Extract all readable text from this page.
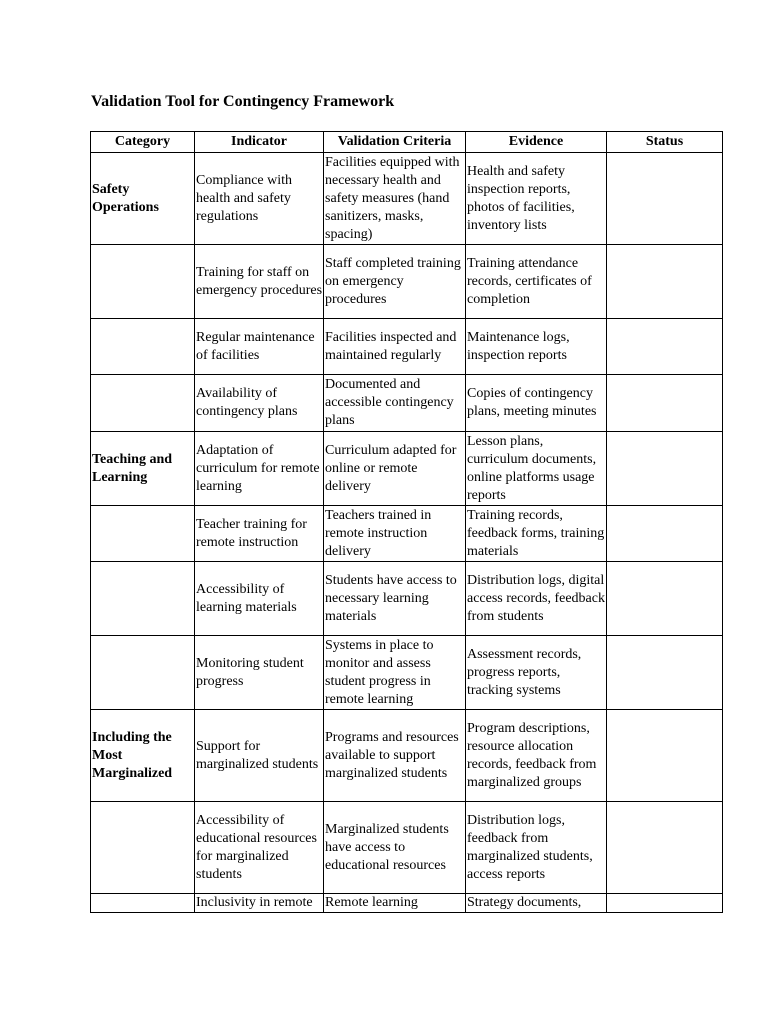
Validation Tool for Contingency Framework
Category	Indicator	Validation Criteria	Evidence	Status
Safety Operations	Compliance with health and safety regulations	Facilities equipped with necessary health and safety measures (hand sanitizers, masks, spacing)	Health and safety inspection reports, photos of facilities, inventory lists	
	Training for staff on emergency procedures	Staff completed training on emergency procedures	Training attendance records, certificates of completion	
	Regular maintenance of facilities	Facilities inspected and maintained regularly	Maintenance logs, inspection reports	
	Availability of contingency plans	Documented and accessible contingency plans	Copies of contingency plans, meeting minutes	
Teaching and Learning	Adaptation of curriculum for remote learning	Curriculum adapted for online or remote delivery	Lesson plans, curriculum documents, online platforms usage reports	
	Teacher training for remote instruction	Teachers trained in remote instruction delivery	Training records, feedback forms, training materials	
	Accessibility of learning materials	Students have access to necessary learning materials	Distribution logs, digital access records, feedback from students	
	Monitoring student progress	Systems in place to monitor and assess student progress in remote learning	Assessment records, progress reports, tracking systems	
Including the Most Marginalized	Support for marginalized students	Programs and resources available to support marginalized students	Program descriptions, resource allocation records, feedback from marginalized groups	
	Accessibility of educational resources for marginalized students	Marginalized students have access to educational resources	Distribution logs, feedback from marginalized students, access reports	
	Inclusivity in remote	Remote learning	Strategy documents,	
